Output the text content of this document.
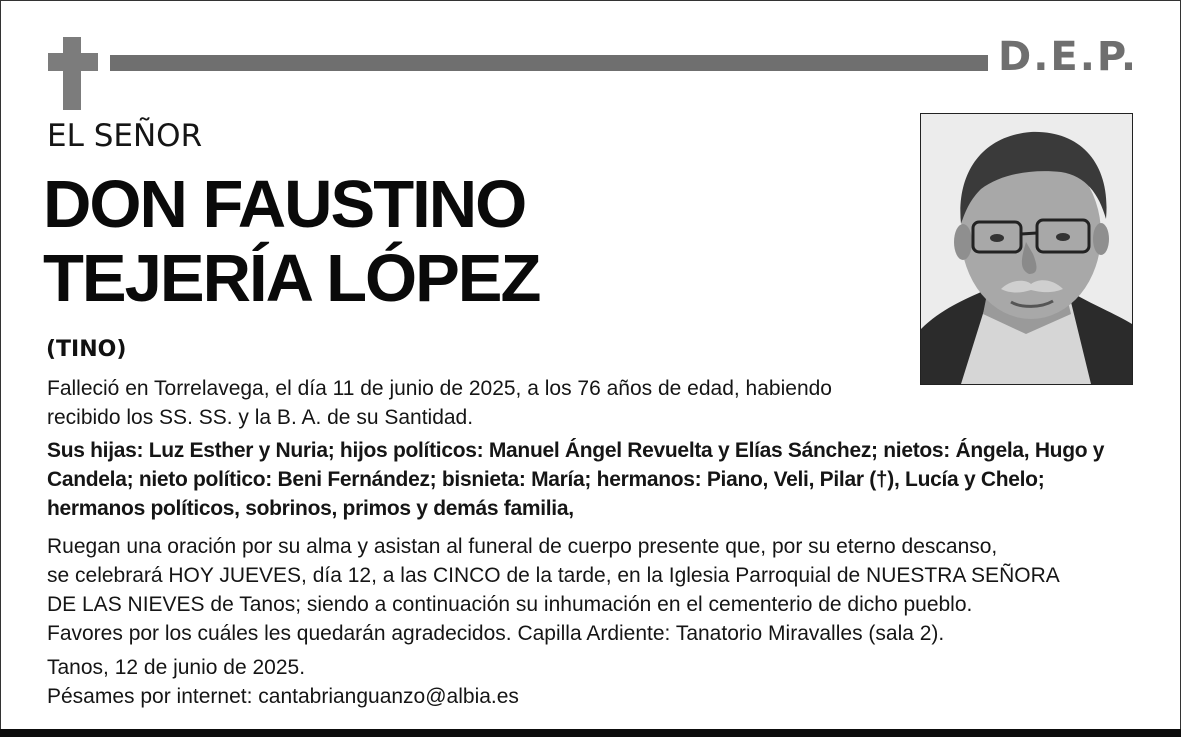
D.E.P.
EL SEÑOR
DON FAUSTINO
TEJERÍA LÓPEZ
(TINO)
Falleció en Torrelavega, el día 11 de junio de 2025, a los 76 años de edad, habiendo
recibido los SS. SS. y la B. A. de su Santidad.
Sus hijas: Luz Esther y Nuria; hijos políticos: Manuel Ángel Revuelta y Elías Sánchez; nietos: Ángela, Hugo y
Candela; nieto político: Beni Fernández; bisnieta: María; hermanos: Piano, Veli, Pilar (†), Lucía y Chelo;
hermanos políticos, sobrinos, primos y demás familia,
Ruegan una oración por su alma y asistan al funeral de cuerpo presente que, por su eterno descanso,
se celebrará HOY JUEVES, día 12, a las CINCO de la tarde, en la Iglesia Parroquial de NUESTRA SEÑORA
DE LAS NIEVES de Tanos; siendo a continuación su inhumación en el cementerio de dicho pueblo.
Favores por los cuáles les quedarán agradecidos. Capilla Ardiente: Tanatorio Miravalles (sala 2).
Tanos, 12 de junio de 2025.
Pésames por internet: cantabrianguanzo@albia.es
